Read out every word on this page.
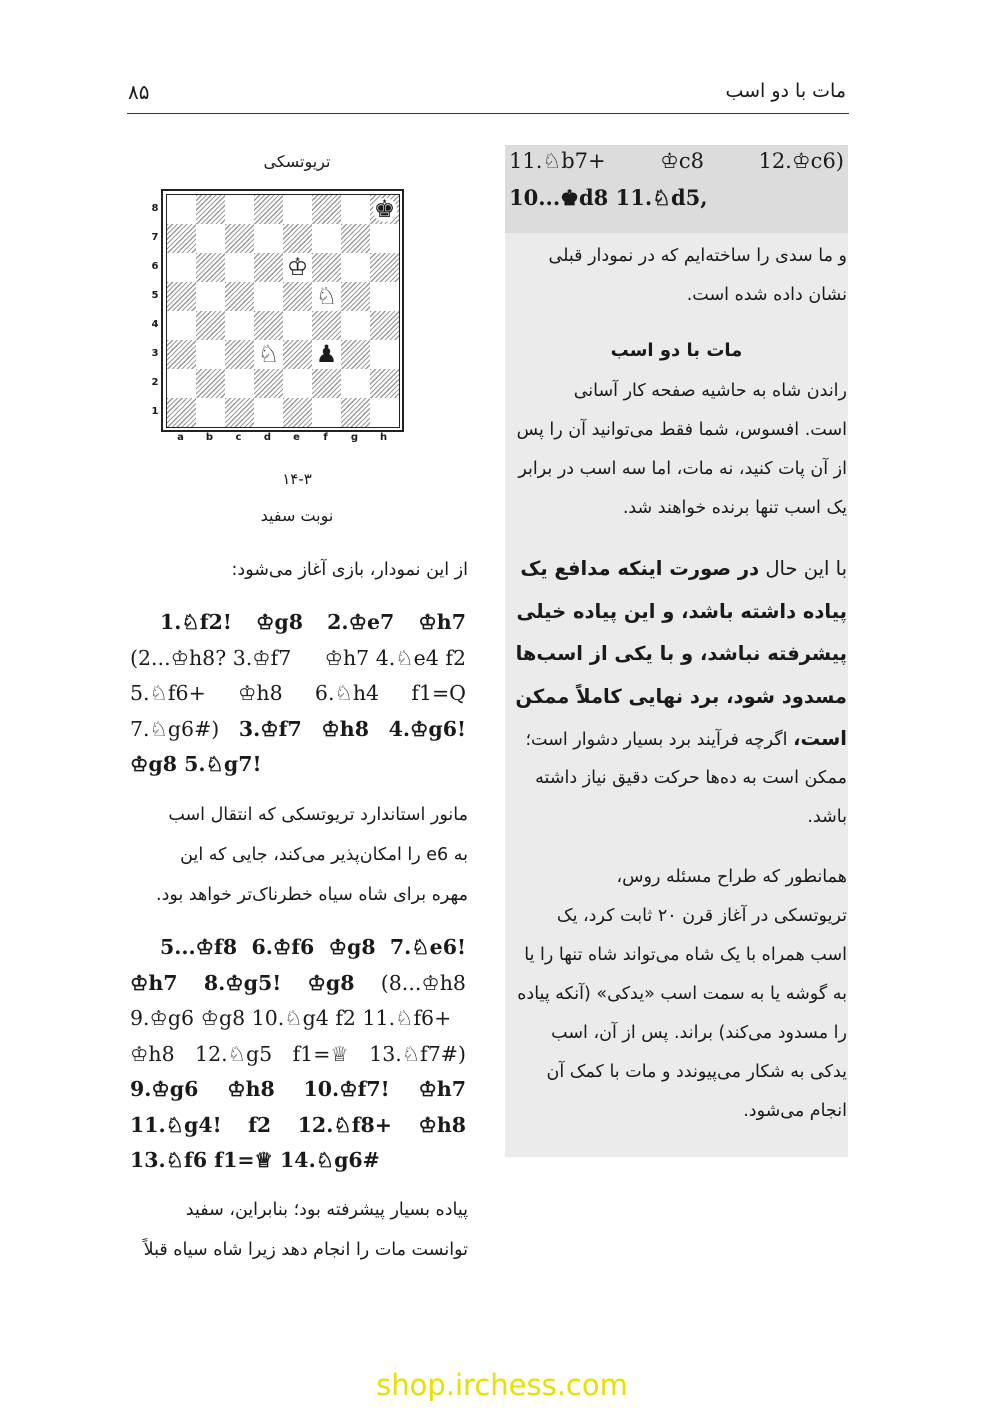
مات با دو اسب
۸۵
11.♘b7+	♔c8	12.♔c6)
10...♚d8 11.♘d5,
و ما سدی را ساخته‌ایم که در نمودار قبلی
نشان داده شده است.
مات با دو اسب
راندن شاه به حاشیه صفحه کار آسانی
است. افسوس، شما فقط می‌توانید آن را پس
از آن پات کنید، نه مات، اما سه اسب در برابر
یک اسب تنها برنده خواهند شد.
با این حال در صورت اینکه مدافع یک
پیاده داشته باشد، و این پیاده خیلی
پیشرفته نباشد، و با یکی از اسب‌ها
مسدود شود، برد نهایی کاملاً ممکن
است، اگرچه فرآیند برد بسیار دشوار است؛
ممکن است به ده‌ها حرکت دقیق نیاز داشته
باشد.
همانطور که طراح مسئله روس،
تریوتسکی در آغاز قرن ۲۰ ثابت کرد، یک
اسب همراه با یک شاه می‌تواند شاه تنها را یا
به گوشه یا به سمت اسب «یدکی» (آنکه پیاده
را مسدود می‌کند) براند. پس از آن، اسب
یدکی به شکار می‌پیوندد و مات با کمک آن
انجام می‌شود.
تریوتسکی
♚
♔
♘
♘ ♟
8
7
6
5
4
3
2
1
a	b	c	d	e	f	g	h
۱۴-۳
نوبت سفید
از این نمودار، بازی آغاز می‌شود:
1.♘f2! ♔g8 2.♔e7 ♔h7
(2...♔h8? 3.♔f7 ♔h7 4.♘e4 f2
5.♘f6+ ♔h8 6.♘h4 f1=Q
7.♘g6#) 3.♔f7 ♔h8 4.♔g6!
♔g8 5.♘g7!
مانور استاندارد تریوتسکی که انتقال اسب
به e6 را امکان‌پذیر می‌کند، جایی که این
مهره برای شاه سیاه خطرناک‌تر خواهد بود.
5...♔f8 6.♔f6 ♔g8 7.♘e6!
♔h7 8.♔g5! ♔g8 (8...♔h8
9.♔g6 ♔g8 10.♘g4 f2 11.♘f6+
♔h8 12.♘g5 f1=♕ 13.♘f7#)
9.♔g6 ♔h8 10.♔f7! ♔h7
11.♘g4! f2 12.♘f8+ ♔h8
13.♘f6 f1=♕ 14.♘g6#
پیاده بسیار پیشرفته بود؛ بنابراین، سفید
توانست مات را انجام دهد زیرا شاه سیاه قبلاً
shop.irchess.com
